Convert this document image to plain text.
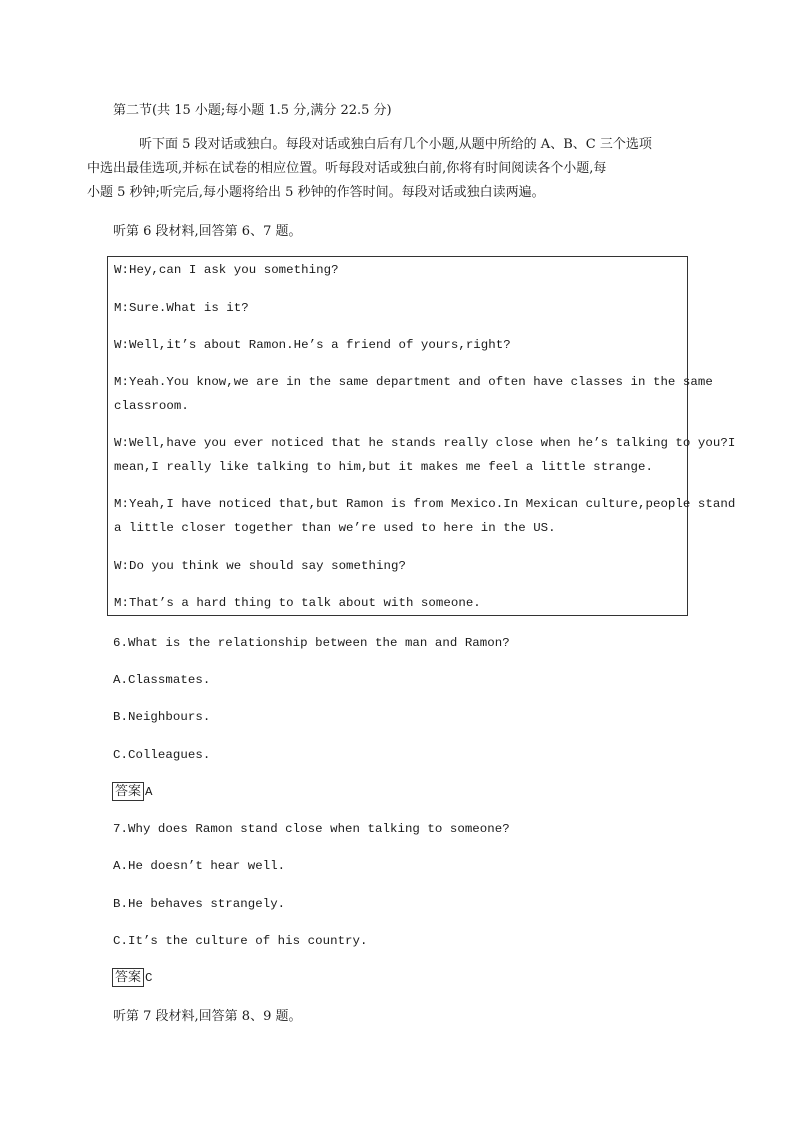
第二节(共 15 小题;每小题 1.5 分,满分 22.5 分)

听下面 5 段对话或独白。每段对话或独白后有几个小题,从题中所给的 A、B、C 三个选项
中选出最佳选项,并标在试卷的相应位置。听每段对话或独白前,你将有时间阅读各个小题,每
小题 5 秒钟;听完后,每小题将给出 5 秒钟的作答时间。每段对话或独白读两遍。

听第 6 段材料,回答第 6、7 题。
W:Hey,can I ask you something?
M:Sure.What is it?
W:Well,it’s about Ramon.He’s a friend of yours,right?
M:Yeah.You know,we are in the same department and often have classes in the same
classroom.
W:Well,have you ever noticed that he stands really close when he’s talking to you?I
mean,I really like talking to him,but it makes me feel a little strange.
M:Yeah,I have noticed that,but Ramon is from Mexico.In Mexican culture,people stand
a little closer together than we’re used to here in the US.
W:Do you think we should say something?
M:That’s a hard thing to talk about with someone.
6.What is the relationship between the man and Ramon?
A.Classmates.
B.Neighbours.
C.Colleagues.
答案 A
7.Why does Ramon stand close when talking to someone?
A.He doesn’t hear well.
B.He behaves strangely.
C.It’s the culture of his country.
答案 C
听第 7 段材料,回答第 8、9 题。
